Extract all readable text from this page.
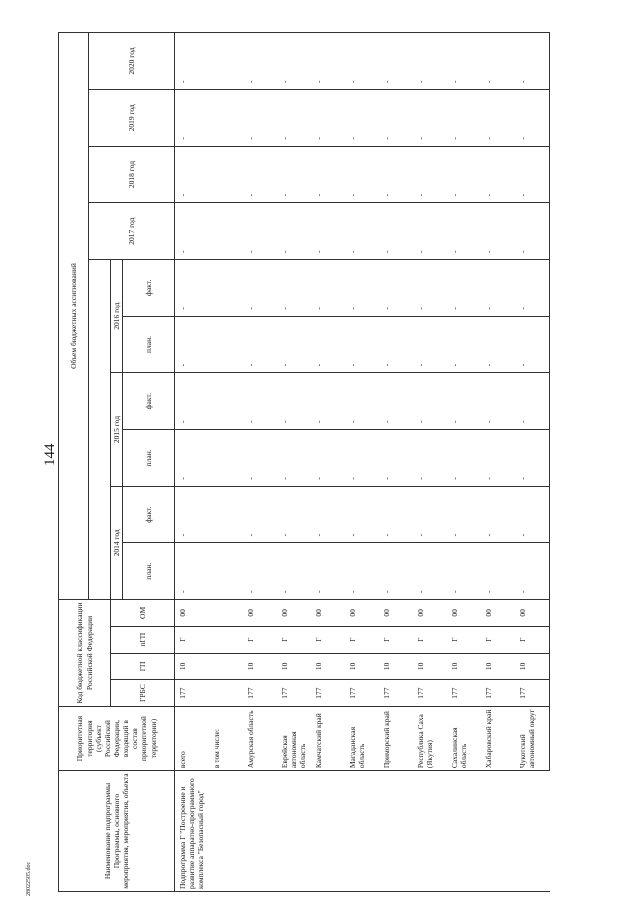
144
28022505.doc	Наименование подпрограммы Программы, основного мероприятия, мероприятия, объекта	Приоритетная территория (субъект Российской Федерации, входящий в состав приоритетной территории)	Код бюджетной классификации Российской Федерации				Объем бюджетных ассигнований									
												2017 год	2018 год	2019 год	2020 год
		ГРБС	ГП	пГП	ОМ	2014 год		2015 год		2016 год					
						план.	факт.	план.	факт.	план.	факт.				
Подпрограмма Г "Построение и развитие аппаратно-программного комплекса "Безопасный город"	всего	177	10	Г	00	-	-	-	-	-	-	-	-	-	-
	в том числе:														
	Амурская область	177	10	Г	00	-	-	-	-	-	-	-	-	-	-
	Еврейская автономная область	177	10	Г	00	-	-	-	-	-	-	-	-	-	-
	Камчатский край	177	10	Г	00	-	-	-	-	-	-	-	-	-	-
	Магаданская область	177	10	Г	00	-	-	-	-	-	-	-	-	-	-
	Приморский край	177	10	Г	00	-	-	-	-	-	-	-	-	-	-
	Республика Саха (Якутия)	177	10	Г	00	-	-	-	-	-	-	-	-	-	-
	Сахалинская область	177	10	Г	00	-	-	-	-	-	-	-	-	-	-
	Хабаровский край	177	10	Г	00	-	-	-	-	-	-	-	-	-	-
	Чукотский автономный округ	177	10	Г	00	-	-	-	-	-	-	-	-	-	-
